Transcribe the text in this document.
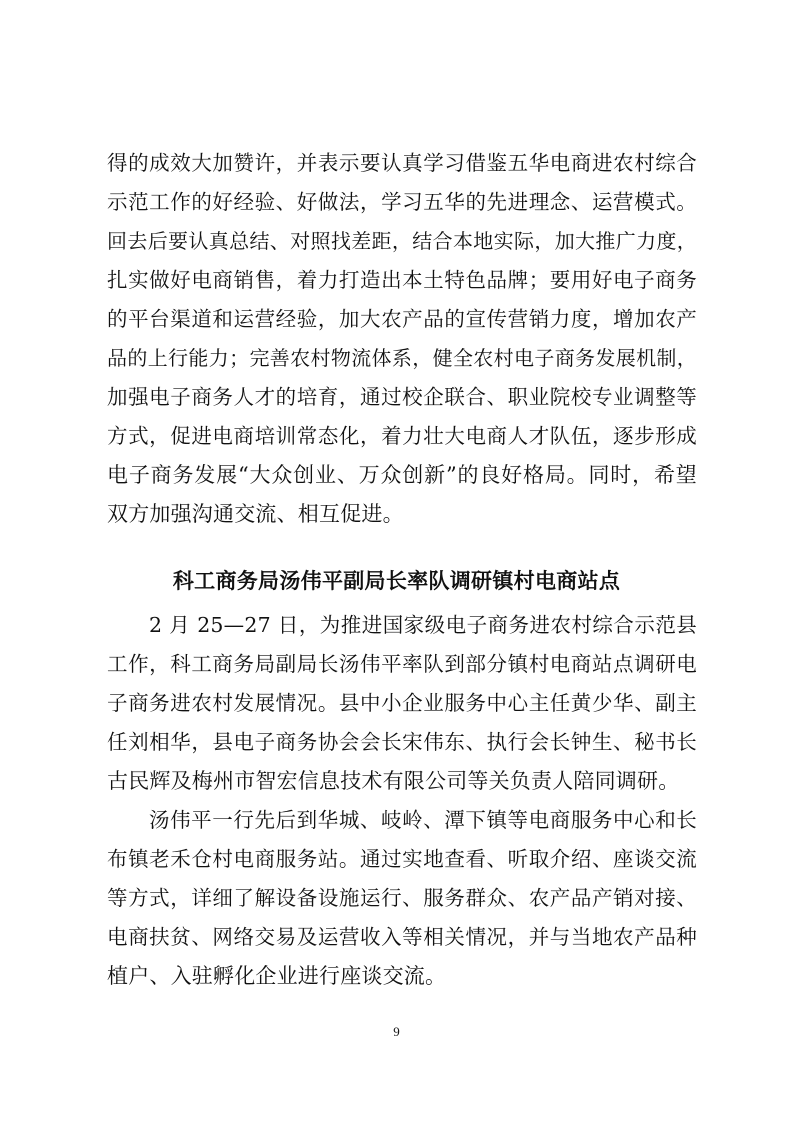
得的成效大加赞许，并表示要认真学习借鉴五华电商进农村综合
示范工作的好经验、好做法，学习五华的先进理念、运营模式。
回去后要认真总结、对照找差距，结合本地实际，加大推广力度，
扎实做好电商销售，着力打造出本土特色品牌；要用好电子商务
的平台渠道和运营经验，加大农产品的宣传营销力度，增加农产
品的上行能力；完善农村物流体系，健全农村电子商务发展机制，
加强电子商务人才的培育，通过校企联合、职业院校专业调整等
方式，促进电商培训常态化，着力壮大电商人才队伍，逐步形成
电子商务发展“大众创业、万众创新”的良好格局。同时，希望
双方加强沟通交流、相互促进。
科工商务局汤伟平副局长率队调研镇村电商站点
2 月 25—27 日，为推进国家级电子商务进农村综合示范县
工作，科工商务局副局长汤伟平率队到部分镇村电商站点调研电
子商务进农村发展情况。县中小企业服务中心主任黄少华、副主
任刘相华，县电子商务协会会长宋伟东、执行会长钟生、秘书长
古民辉及梅州市智宏信息技术有限公司等关负责人陪同调研。
汤伟平一行先后到华城、岐岭、潭下镇等电商服务中心和长
布镇老禾仓村电商服务站。通过实地查看、听取介绍、座谈交流
等方式，详细了解设备设施运行、服务群众、农产品产销对接、
电商扶贫、网络交易及运营收入等相关情况，并与当地农产品种
植户、入驻孵化企业进行座谈交流。
9
